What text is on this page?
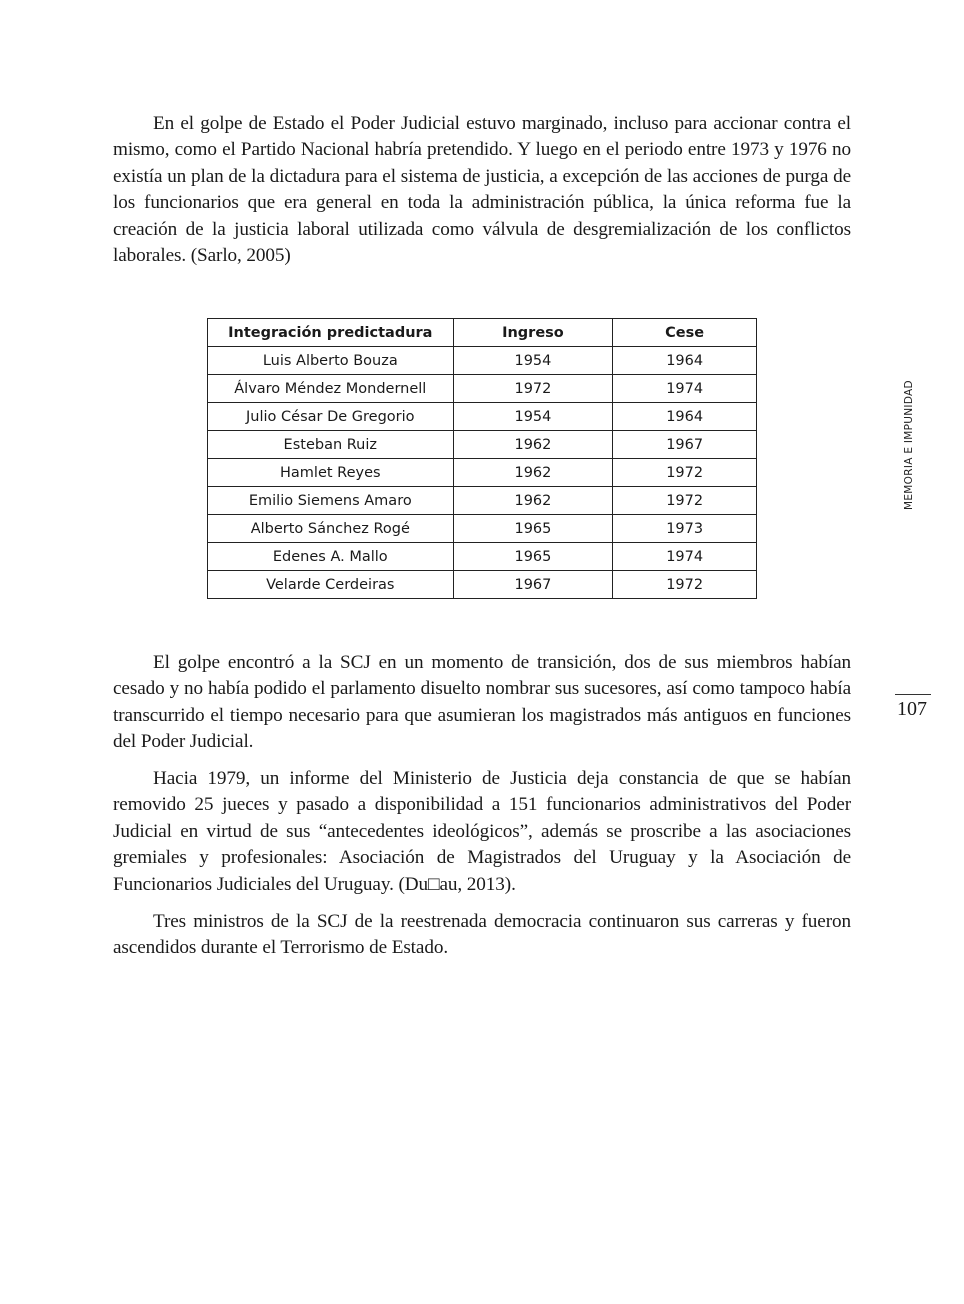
En el golpe de Estado el Poder Judicial estuvo marginado, incluso para accionar contra el mismo, como el Partido Nacional habría pretendido. Y luego en el periodo entre 1973 y 1976 no existía un plan de la dictadura para el sistema de justicia, a excepción de las acciones de purga de los funcionarios que era general en toda la administración pública, la única reforma fue la creación de la justicia laboral utilizada como válvula de desgremialización de los conflictos laborales. (Sarlo, 2005)

Integración predictadura	Ingreso	Cese
Luis Alberto Bouza	1954	1964
Álvaro Méndez Mondernell	1972	1974
Julio César De Gregorio	1954	1964
Esteban Ruiz	1962	1967
Hamlet Reyes	1962	1972
Emilio Siemens Amaro	1962	1972
Alberto Sánchez Rogé	1965	1973
Edenes A. Mallo	1965	1974
Velarde Cerdeiras	1967	1972

El golpe encontró a la SCJ en un momento de transición, dos de sus miembros habían cesado y no había podido el parlamento disuelto nombrar sus sucesores, así como tampoco había transcurrido el tiempo necesario para que asumieran los magistrados más antiguos en funciones del Poder Judicial.

Hacia 1979, un informe del Ministerio de Justicia deja constancia de que se habían removido 25 jueces y pasado a disponibilidad a 151 funcionarios administrativos del Poder Judicial en virtud de sus “antecedentes ideológicos”, además se proscribe a las asociaciones gremiales y profesionales: Asociación de Magistrados del Uruguay y la Asociación de Funcionarios Judiciales del Uruguay. (Du□au, 2013).

Tres ministros de la SCJ de la reestrenada democracia continuaron sus carreras y fueron ascendidos durante el Terrorismo de Estado.

MEMORIA E IMPUNIDAD
107
